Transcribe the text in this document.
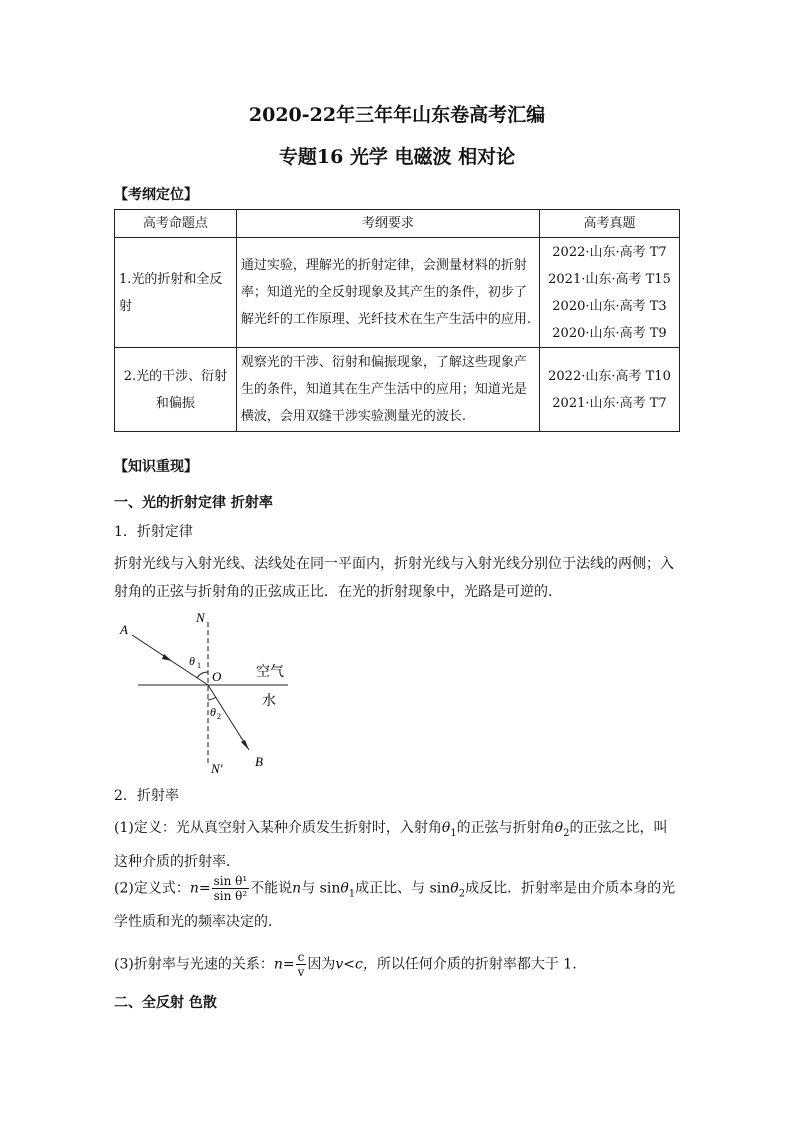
2020-22年三年年山东卷高考汇编
专题16 光学 电磁波 相对论
【考纲定位】
高考命题点	考纲要求	高考真题
1.光的折射和全反射	通过实验，理解光的折射定律，会测量材料的折射率；知道光的全反射现象及其产生的条件，初步了解光纤的工作原理、光纤技术在生产生活中的应用.	2022·山东·高考 T7
2021·山东·高考 T15
2020·山东·高考 T3
2020·山东·高考 T9

2.光的干涉、衍射和偏振	观察光的干涉、衍射和偏振现象，了解这些现象产生的条件，知道其在生产生活中的应用；知道光是横波，会用双缝干涉实验测量光的波长.	2022·山东·高考 T10
2021·山东·高考 T7
【知识重现】
一、光的折射定律 折射率
1．折射定律
折射光线与入射光线、法线处在同一平面内，折射光线与入射光线分别位于法线的两侧；入射角的正弦与折射角的正弦成正比．在光的折射现象中，光路是可逆的．
A
N
θ 1
O 空气
水
θ 2
N′ B
2．折射率
(1)定义：光从真空射入某种介质发生折射时，入射角$\theta_1$的正弦与折射角$\theta_2$的正弦之比，叫这种介质的折射率．
(2)定义式：$n= \frac{\text{sin θ¹}}{\text{sin θ²}}$ 不能说n与 sinθ$_1$成正比、与 sinθ$_2$成反比．折射率是由介质本身的光学性质和光的频率决定的．
(3)折射率与光速的关系：$n= \frac{c}{v}$ 因为v<c，所以任何介质的折射率都大于 1.
二、全反射 色散
